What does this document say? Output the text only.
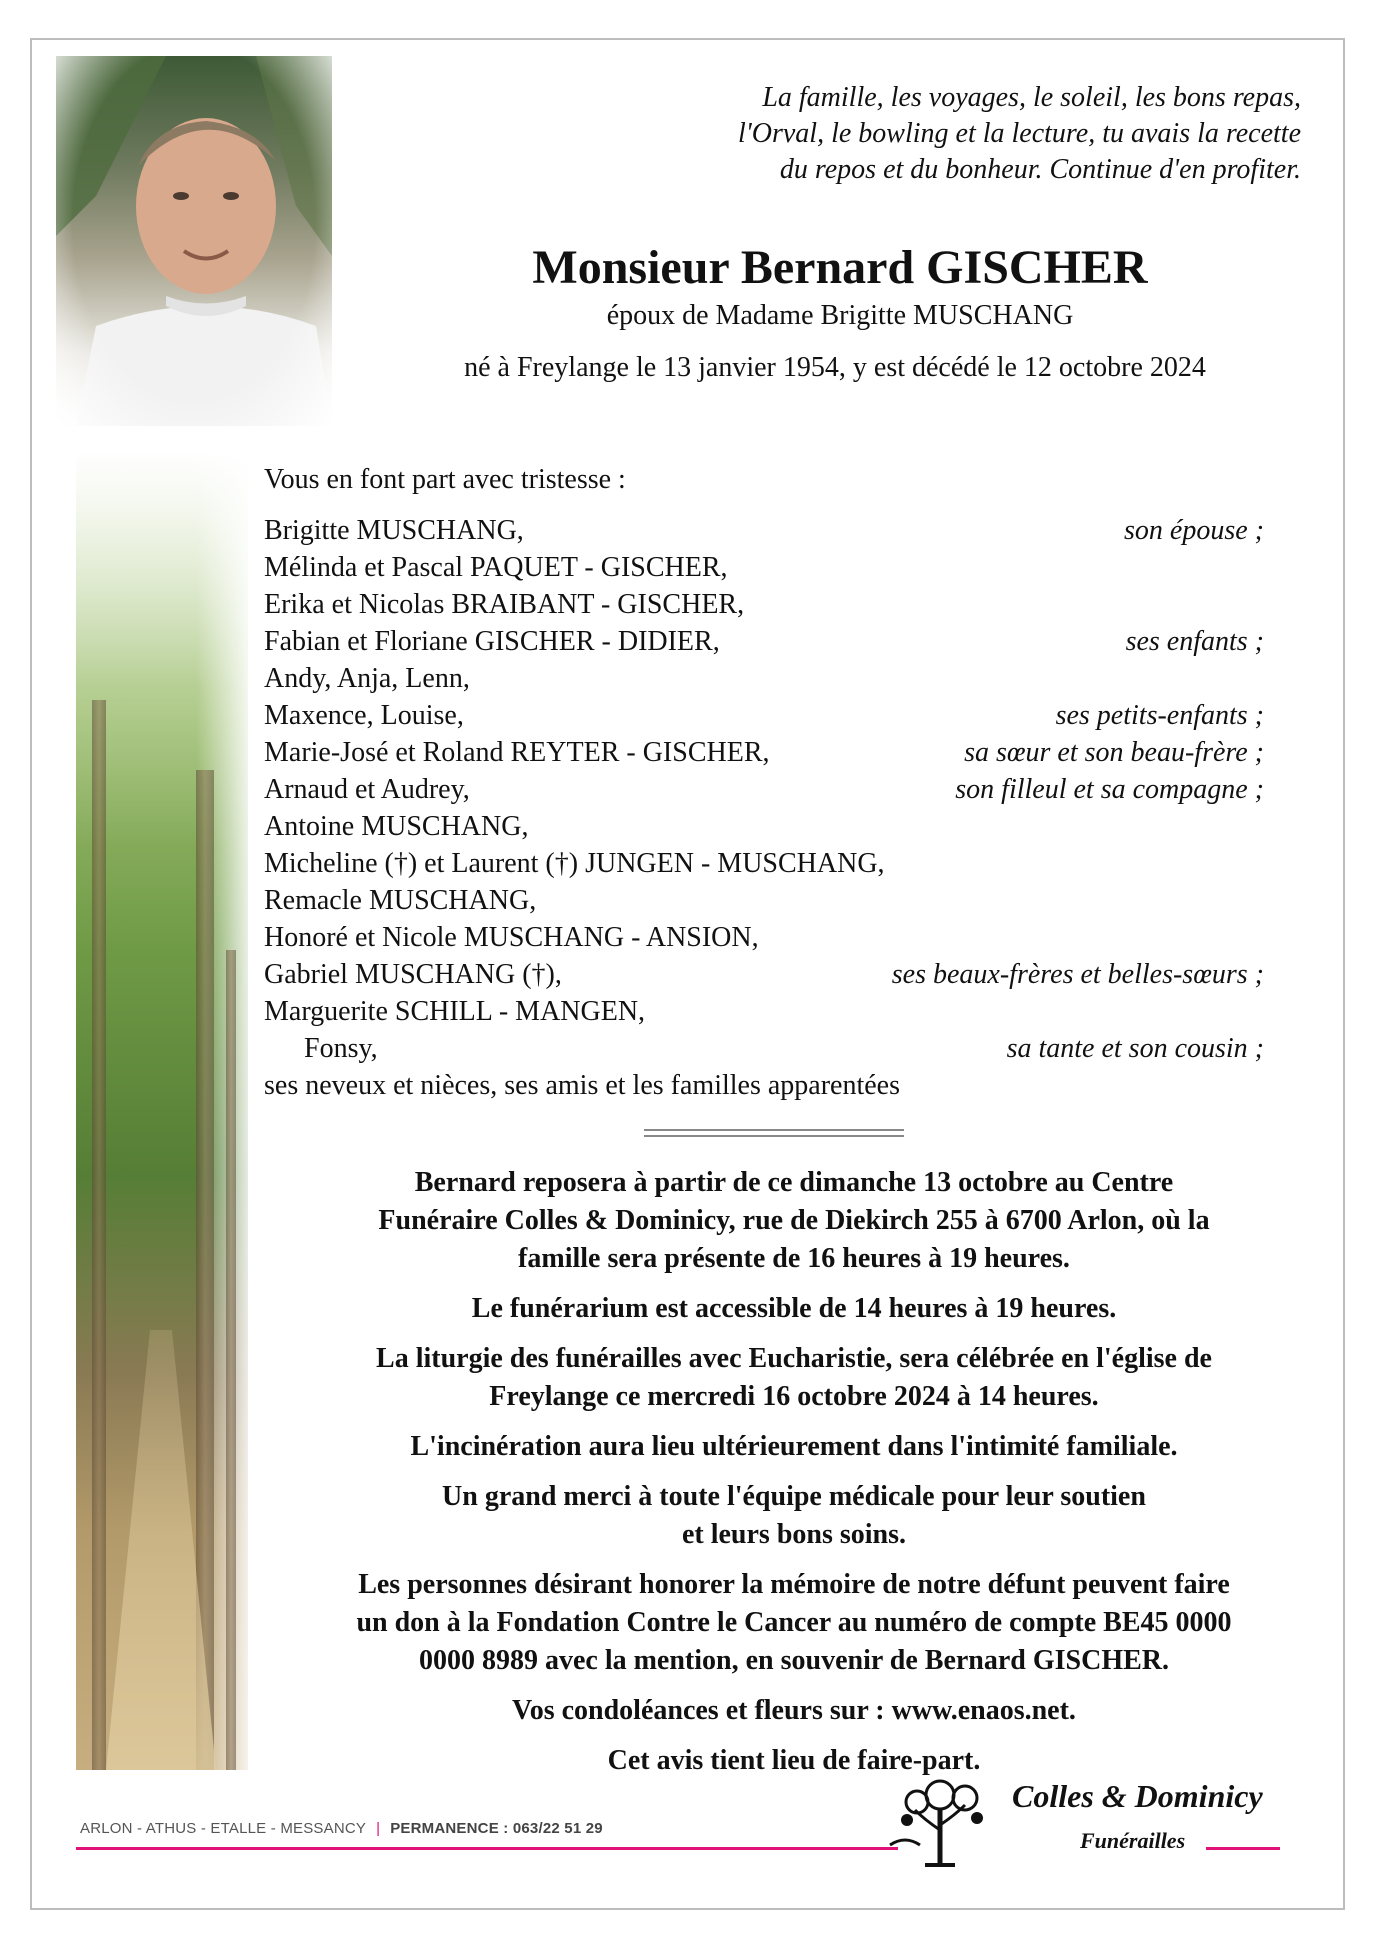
La famille, les voyages, le soleil, les bons repas,
l'Orval, le bowling et la lecture, tu avais la recette
du repos et du bonheur. Continue d'en profiter.
Monsieur Bernard GISCHER
époux de Madame Brigitte MUSCHANG
né à Freylange le 13 janvier 1954, y est décédé le 12 octobre 2024
Vous en font part avec tristesse :
Brigitte MUSCHANG,	son épouse ;
Mélinda et Pascal PAQUET - GISCHER,
Erika et Nicolas BRAIBANT - GISCHER,
Fabian et Floriane GISCHER - DIDIER,	ses enfants ;
Andy, Anja, Lenn,
Maxence, Louise,	ses petits-enfants ;
Marie-José et Roland REYTER - GISCHER,	sa sœur et son beau-frère ;
Arnaud et Audrey,	son filleul et sa compagne ;
Antoine MUSCHANG,
Micheline (†) et Laurent (†) JUNGEN - MUSCHANG,
Remacle MUSCHANG,
Honoré et Nicole MUSCHANG - ANSION,
Gabriel MUSCHANG (†),	ses beaux-frères et belles-sœurs ;
Marguerite SCHILL - MANGEN,
Fonsy,	sa tante et son cousin ;
ses neveux et nièces, ses amis et les familles apparentées

Bernard reposera à partir de ce dimanche 13 octobre au Centre
Funéraire Colles & Dominicy, rue de Diekirch 255 à 6700 Arlon, où la
famille sera présente de 16 heures à 19 heures.

Le funérarium est accessible de 14 heures à 19 heures.

La liturgie des funérailles avec Eucharistie, sera célébrée en l'église de
Freylange ce mercredi 16 octobre 2024 à 14 heures.

L'incinération aura lieu ultérieurement dans l'intimité familiale.

Un grand merci à toute l'équipe médicale pour leur soutien
et leurs bons soins.

Les personnes désirant honorer la mémoire de notre défunt peuvent faire
un don à la Fondation Contre le Cancer au numéro de compte BE45 0000
0000 8989 avec la mention, en souvenir de Bernard GISCHER.

Vos condoléances et fleurs sur : www.enaos.net.

Cet avis tient lieu de faire-part.

ARLON - ATHUS - ETALLE - MESSANCY | PERMANENCE : 063/22 51 29
Colles & Dominicy
Funérailles
